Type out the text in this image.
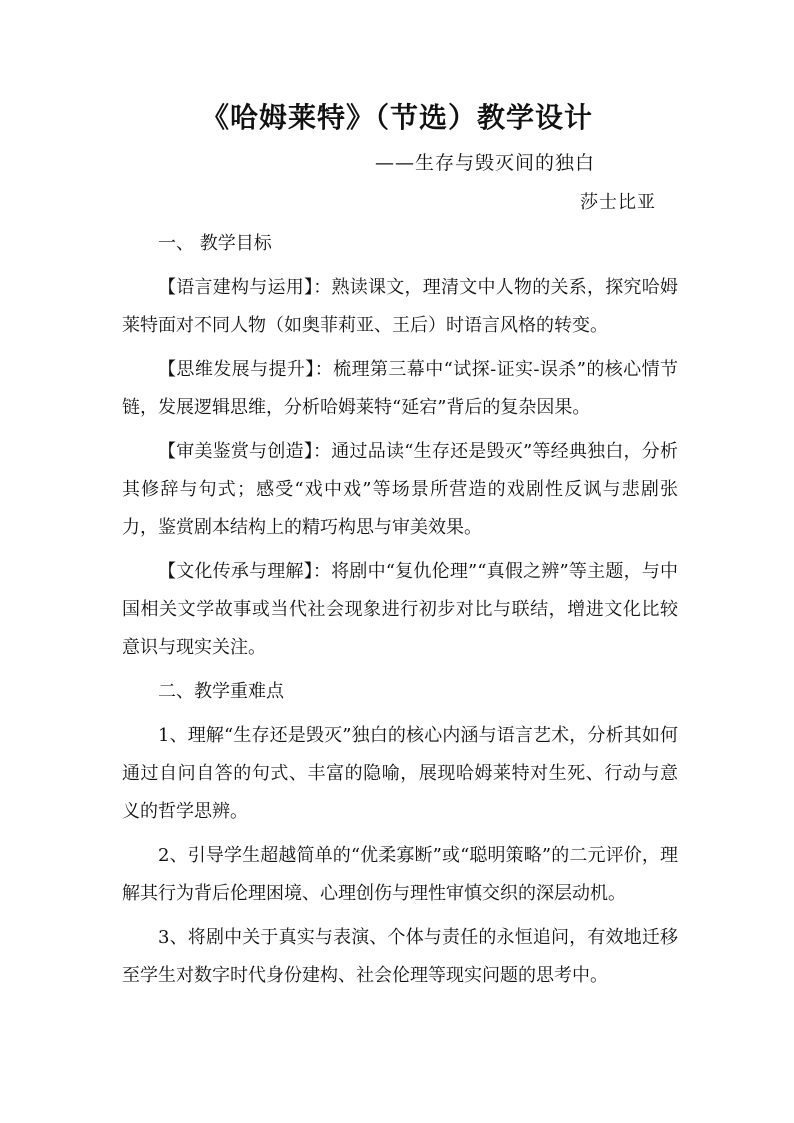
《哈姆莱特》（节选）教学设计
——生存与毁灭间的独白
莎士比亚

一、 教学目标

【语言建构与运用】：熟读课文，理清文中人物的关系，探究哈姆莱特面对不同人物（如奥菲莉亚、王后）时语言风格的转变。

【思维发展与提升】：梳理第三幕中“试探-证实-误杀”的核心情节链，发展逻辑思维，分析哈姆莱特“延宕”背后的复杂因果。

【审美鉴赏与创造】：通过品读“生存还是毁灭”等经典独白，分析其修辞与句式；感受“戏中戏”等场景所营造的戏剧性反讽与悲剧张力，鉴赏剧本结构上的精巧构思与审美效果。

【文化传承与理解】：将剧中“复仇伦理”“真假之辨”等主题，与中国相关文学故事或当代社会现象进行初步对比与联结，增进文化比较意识与现实关注。

二、教学重难点

1、理解“生存还是毁灭”独白的核心内涵与语言艺术，分析其如何通过自问自答的句式、丰富的隐喻，展现哈姆莱特对生死、行动与意义的哲学思辨。

2、引导学生超越简单的“优柔寡断”或“聪明策略”的二元评价，理解其行为背后伦理困境、心理创伤与理性审慎交织的深层动机。

3、将剧中关于真实与表演、个体与责任的永恒追问，有效地迁移至学生对数字时代身份建构、社会伦理等现实问题的思考中。
